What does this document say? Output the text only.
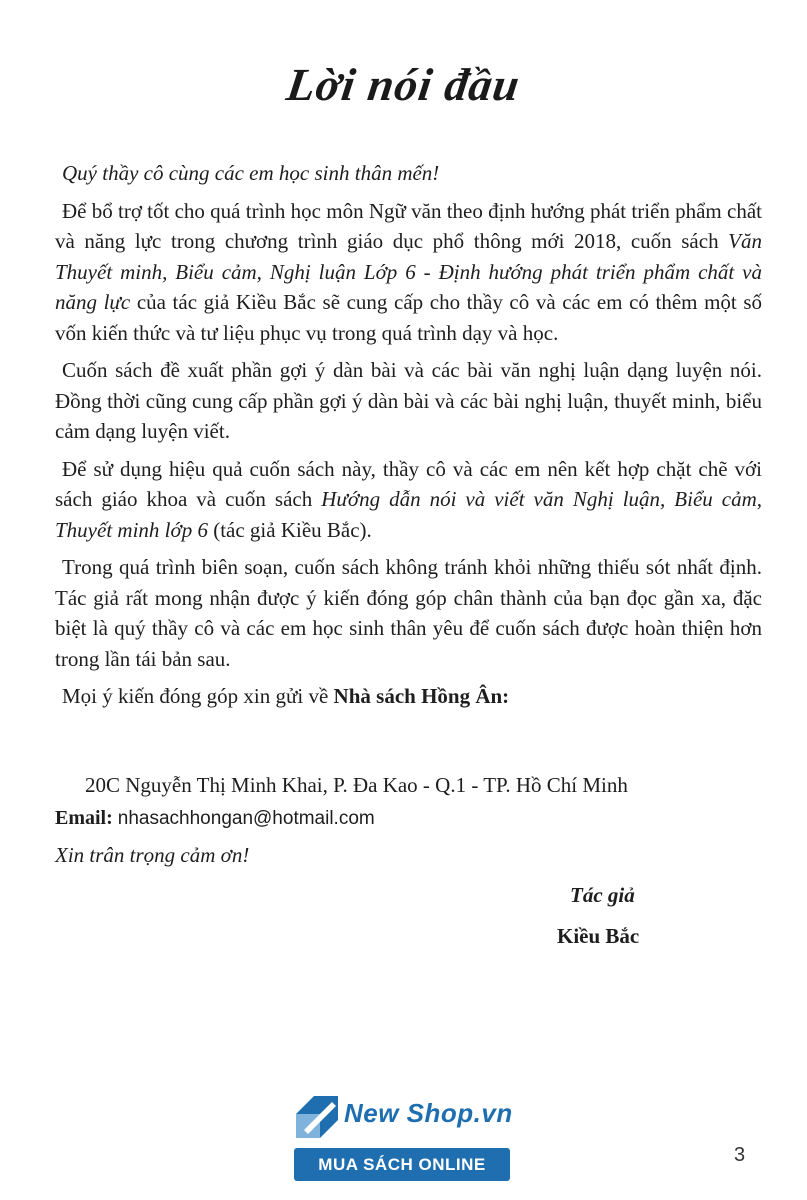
Lời nói đầu

Quý thầy cô cùng các em học sinh thân mến!

Để bổ trợ tốt cho quá trình học môn Ngữ văn theo định hướng phát triển phẩm chất và năng lực trong chương trình giáo dục phổ thông mới 2018, cuốn sách Văn Thuyết minh, Biểu cảm, Nghị luận Lớp 6 - Định hướng phát triển phẩm chất và năng lực của tác giả Kiều Bắc sẽ cung cấp cho thầy cô và các em có thêm một số vốn kiến thức và tư liệu phục vụ trong quá trình dạy và học.

Cuốn sách đề xuất phần gợi ý dàn bài và các bài văn nghị luận dạng luyện nói. Đồng thời cũng cung cấp phần gợi ý dàn bài và các bài nghị luận, thuyết minh, biểu cảm dạng luyện viết.

Để sử dụng hiệu quả cuốn sách này, thầy cô và các em nên kết hợp chặt chẽ với sách giáo khoa và cuốn sách Hướng dẫn nói và viết văn Nghị luận, Biểu cảm, Thuyết minh lớp 6 (tác giả Kiều Bắc).

Trong quá trình biên soạn, cuốn sách không tránh khỏi những thiếu sót nhất định. Tác giả rất mong nhận được ý kiến đóng góp chân thành của bạn đọc gần xa, đặc biệt là quý thầy cô và các em học sinh thân yêu để cuốn sách được hoàn thiện hơn trong lần tái bản sau.

Mọi ý kiến đóng góp xin gửi về Nhà sách Hồng Ân:

20C Nguyễn Thị Minh Khai, P. Đa Kao - Q.1 - TP. Hồ Chí Minh
Email: nhasachhongan@hotmail.com
Xin trân trọng cảm ơn!
Tác giả
Kiều Bắc
New Shop.vn
MUA SÁCH ONLINE	3
